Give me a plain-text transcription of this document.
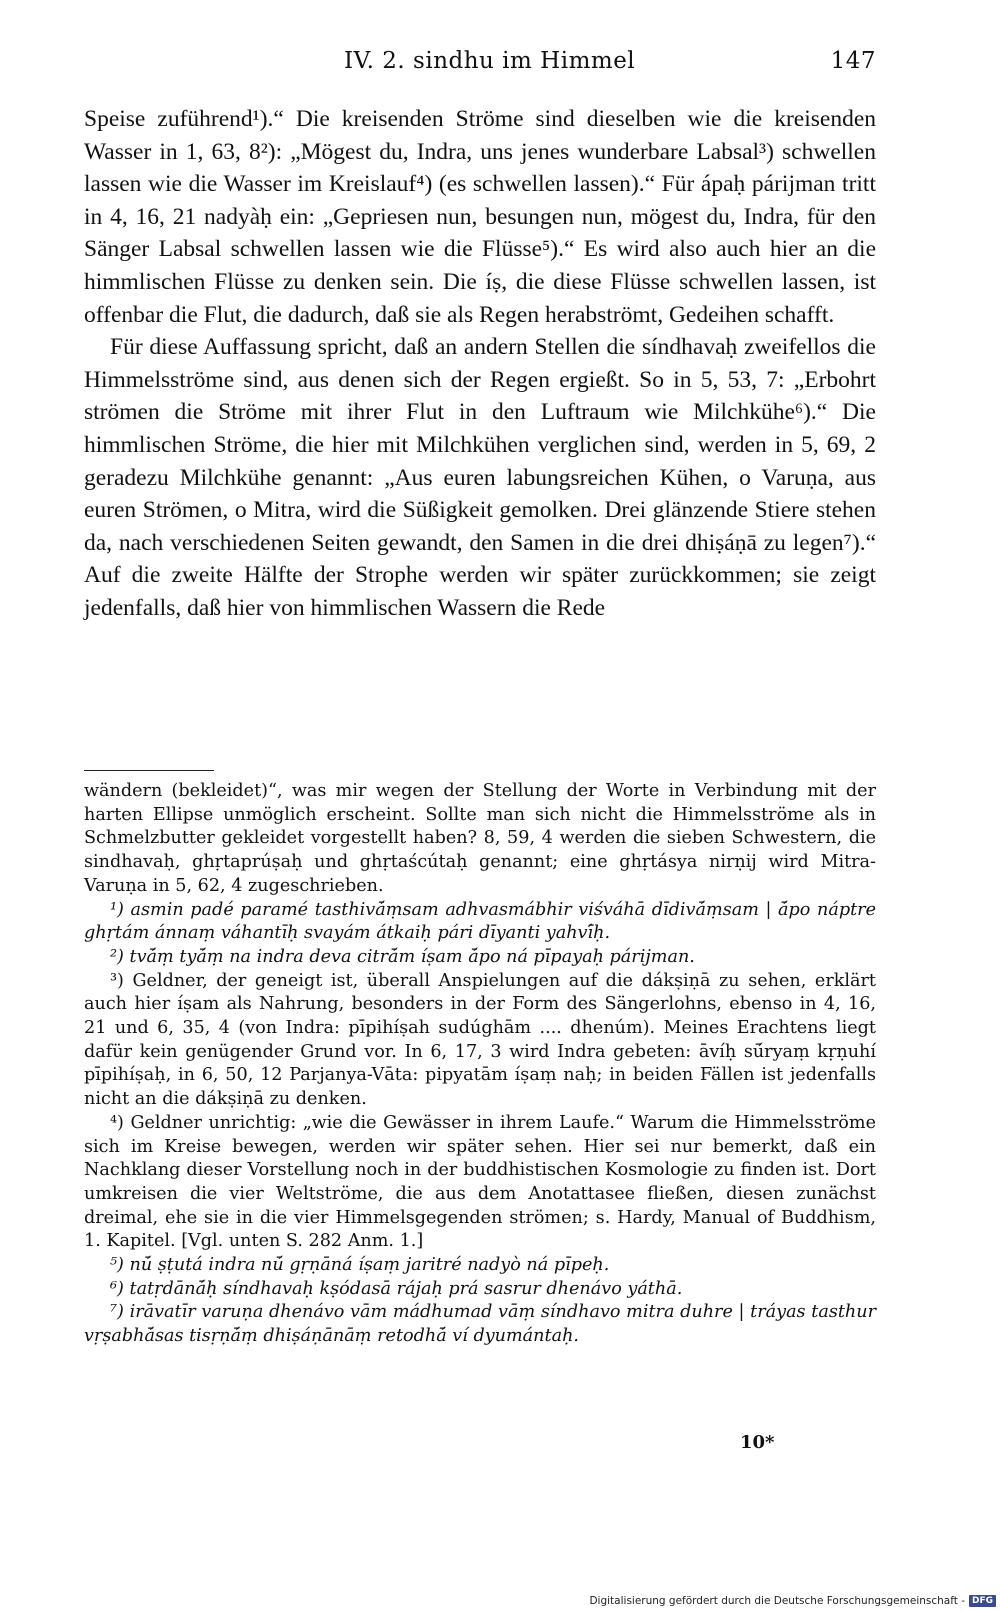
IV. 2. sindhu im Himmel	147

Speise zuführend¹).“ Die kreisenden Ströme sind dieselben wie die kreisenden Wasser in 1, 63, 8²): „Mögest du, Indra, uns jenes wunderbare Labsal³) schwellen lassen wie die Wasser im Kreislauf⁴) (es schwellen lassen).“ Für ápaḥ párijman tritt in 4, 16, 21 nadyàḥ ein: „Gepriesen nun, besungen nun, mögest du, Indra, für den Sänger Labsal schwellen lassen wie die Flüsse⁵).“ Es wird also auch hier an die himmlischen Flüsse zu denken sein. Die íṣ, die diese Flüsse schwellen lassen, ist offenbar die Flut, die dadurch, daß sie als Regen herabströmt, Gedeihen schafft.

Für diese Auffassung spricht, daß an andern Stellen die síndhavaḥ zweifellos die Himmelsströme sind, aus denen sich der Regen ergießt. So in 5, 53, 7: „Erbohrt strömen die Ströme mit ihrer Flut in den Luftraum wie Milchkühe⁶).“ Die himmlischen Ströme, die hier mit Milchkühen verglichen sind, werden in 5, 69, 2 geradezu Milchkühe genannt: „Aus euren labungsreichen Kühen, o Varuṇa, aus euren Strömen, o Mitra, wird die Süßigkeit gemolken. Drei glänzende Stiere stehen da, nach verschiedenen Seiten gewandt, den Samen in die drei dhiṣáṇā zu legen⁷).“ Auf die zweite Hälfte der Strophe werden wir später zurückkommen; sie zeigt jedenfalls, daß hier von himmlischen Wassern die Rede

wändern (bekleidet)“, was mir wegen der Stellung der Worte in Verbindung mit der harten Ellipse unmöglich erscheint. Sollte man sich nicht die Himmelsströme als in Schmelzbutter gekleidet vorgestellt haben? 8, 59, 4 werden die sieben Schwestern, die sindhavaḥ, ghṛtaprúṣaḥ und ghṛtaścútaḥ genannt; eine ghṛtásya nirṇij wird Mitra-Varuṇa in 5, 62, 4 zugeschrieben.

¹) asmin padé paramé tasthivā́ṃsam adhvasmábhir viśváhā dīdivā́ṃsam | ā́po náptre ghṛtám ánnaṃ váhantīḥ svayám átkaiḥ pári dīyanti yahvī́ḥ.

²) tvā́ṃ tyā́ṃ na indra deva citrā́m íṣam ā́po ná pīpayaḥ párijman.

³) Geldner, der geneigt ist, überall Anspielungen auf die dákṣiṇā zu sehen, erklärt auch hier íṣam als Nahrung, besonders in der Form des Sängerlohns, ebenso in 4, 16, 21 und 6, 35, 4 (von Indra: pīpihíṣah sudúghām .... dhenúm). Meines Erachtens liegt dafür kein genügender Grund vor. In 6, 17, 3 wird Indra gebeten: āvíḥ sū́ryaṃ kṛṇuhí pīpihíṣaḥ, in 6, 50, 12 Parjanya-Vāta: pipyatām íṣaṃ naḥ; in beiden Fällen ist jedenfalls nicht an die dákṣiṇā zu denken.

⁴) Geldner unrichtig: „wie die Gewässer in ihrem Laufe.“ Warum die Himmelsströme sich im Kreise bewegen, werden wir später sehen. Hier sei nur bemerkt, daß ein Nachklang dieser Vorstellung noch in der buddhistischen Kosmologie zu finden ist. Dort umkreisen die vier Weltströme, die aus dem Anotattasee fließen, diesen zunächst dreimal, ehe sie in die vier Himmelsgegenden strömen; s. Hardy, Manual of Buddhism, 1. Kapitel. [Vgl. unten S. 282 Anm. 1.]

⁵) nū́ ṣṭutá indra nū́ gṛṇāná íṣaṃ jaritré nadyò ná pīpeḥ.

⁶) tatṛdānā́ḥ síndhavaḥ kṣódasā rájaḥ prá sasrur dhenávo yáthā.

⁷) irāvatīr varuṇa dhenávo vām mádhumad vāṃ síndhavo mitra duhre | tráyas tasthur vṛṣabhā́sas tisṛṇā́ṃ dhiṣáṇānāṃ retodhā́ ví dyumántaḥ.

10*
Digitalisierung gefördert durch die Deutsche Forschungsgemeinschaft - DFG
